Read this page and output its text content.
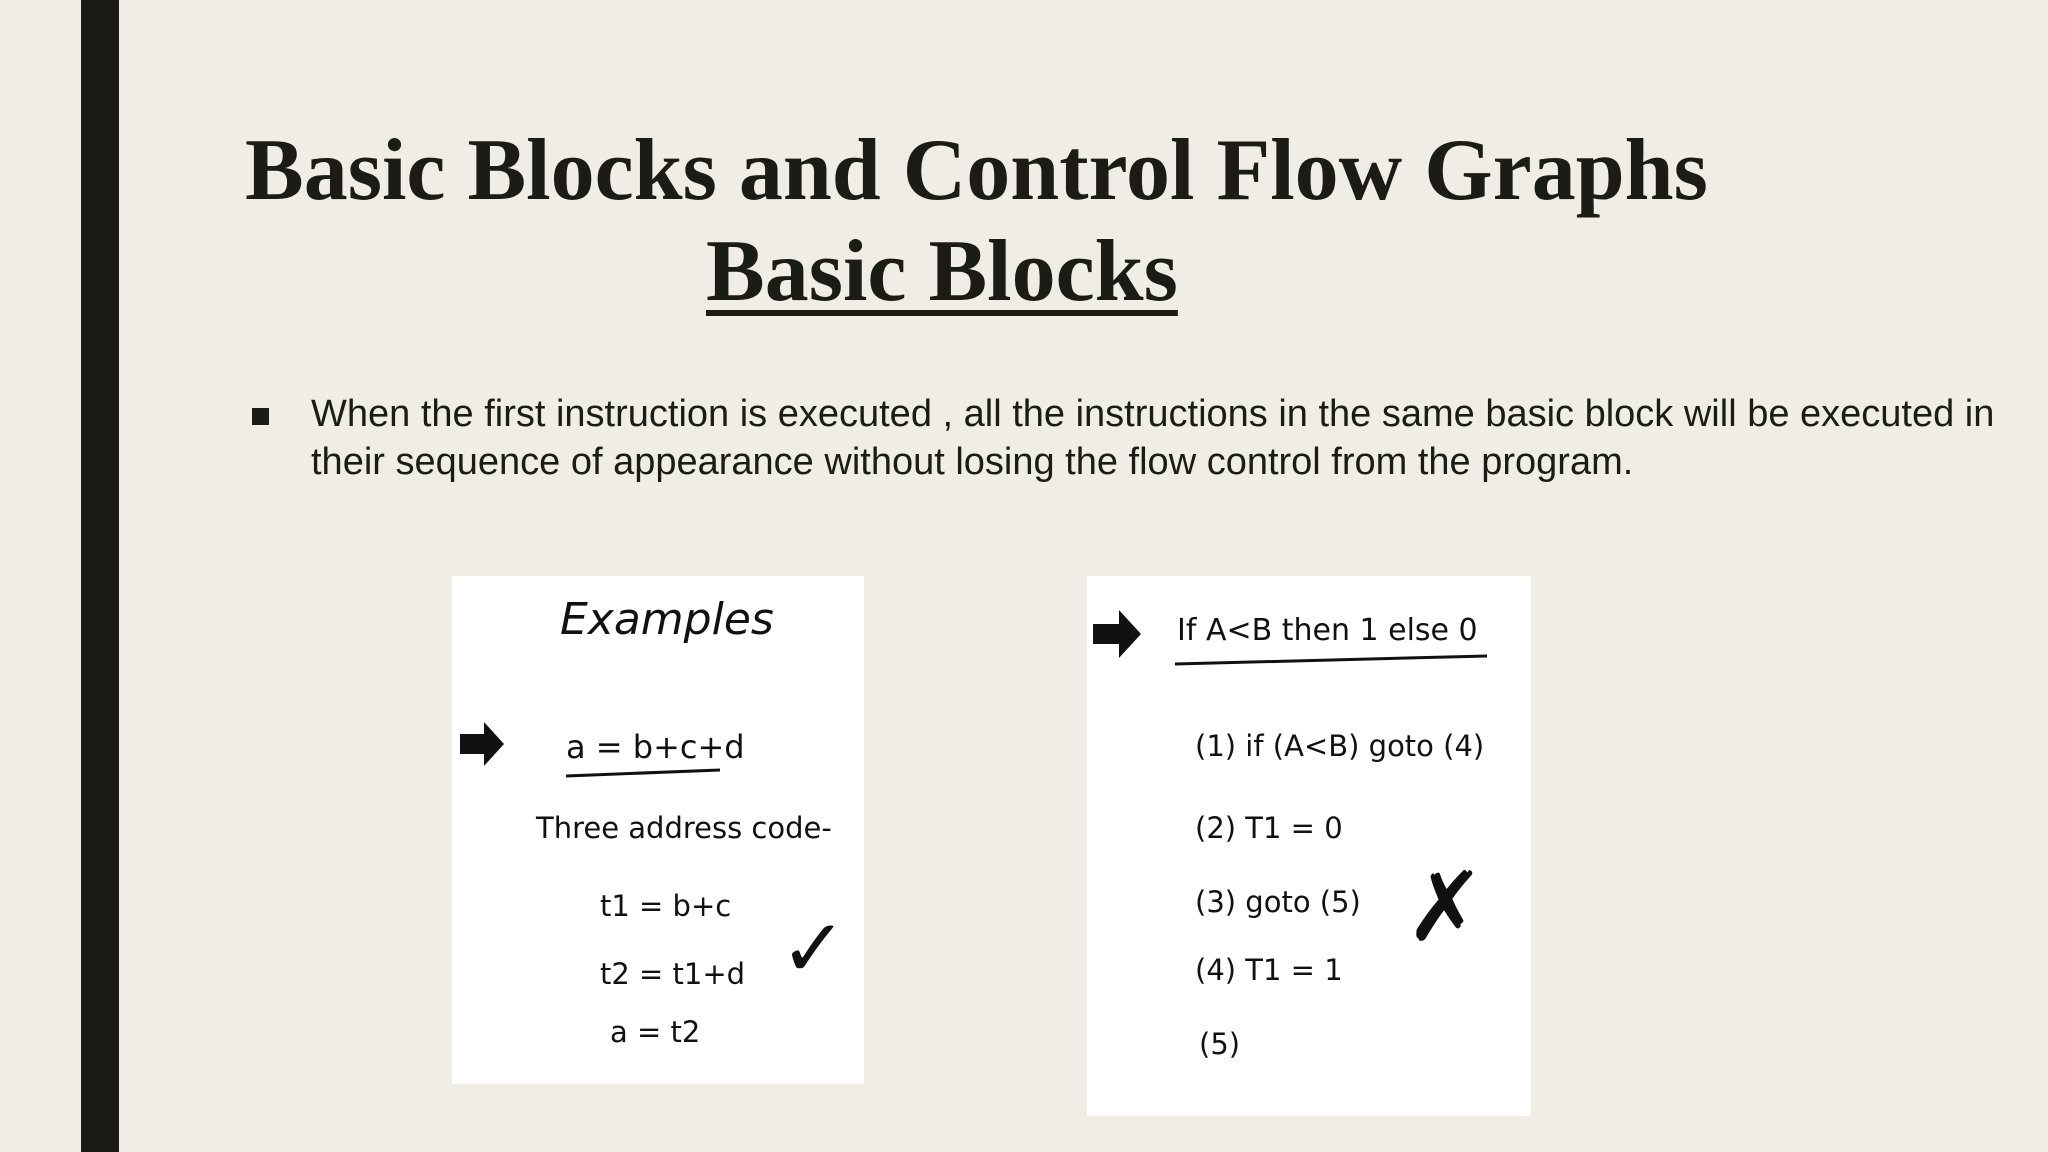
Basic Blocks and Control Flow Graphs
Basic Blocks
When the first instruction is executed , all the instructions in the same basic block will be executed in their sequence of appearance without losing the flow control from the program.
Examples
a = b+c+d
Three address code-
t1 = b+c
t2 = t1+d
a = t2
✓
If A<B then 1 else 0
(1) if (A<B) goto (4)
(2) T1 = 0
(3) goto (5)
(4) T1 = 1
(5)
✗
